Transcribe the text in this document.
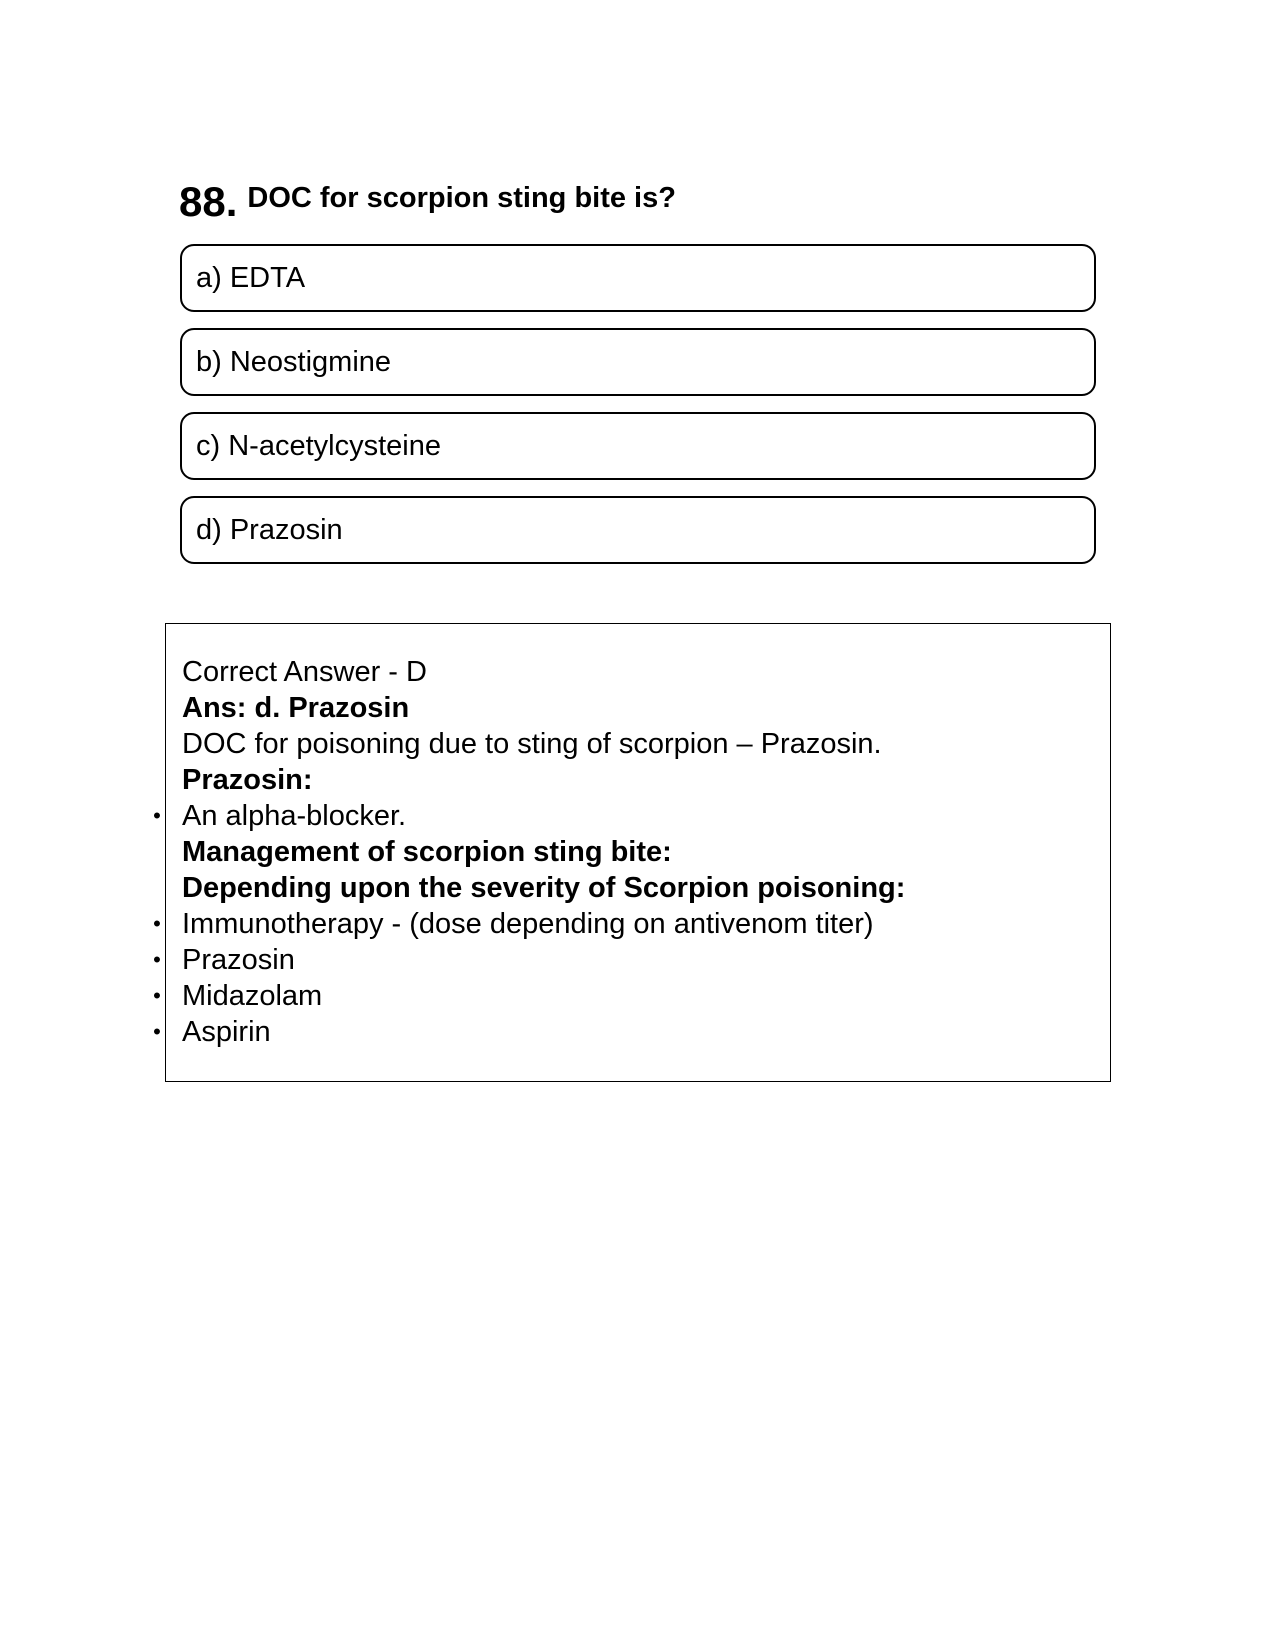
88. DOC for scorpion sting bite is?
a) EDTA
b) Neostigmine
c) N-acetylcysteine
d) Prazosin
Correct Answer - D
Ans: d. Prazosin
DOC for poisoning due to sting of scorpion – Prazosin.
Prazosin:
• An alpha-blocker.
Management of scorpion sting bite:
Depending upon the severity of Scorpion poisoning:
• Immunotherapy - (dose depending on antivenom titer)
• Prazosin
• Midazolam
• Aspirin
